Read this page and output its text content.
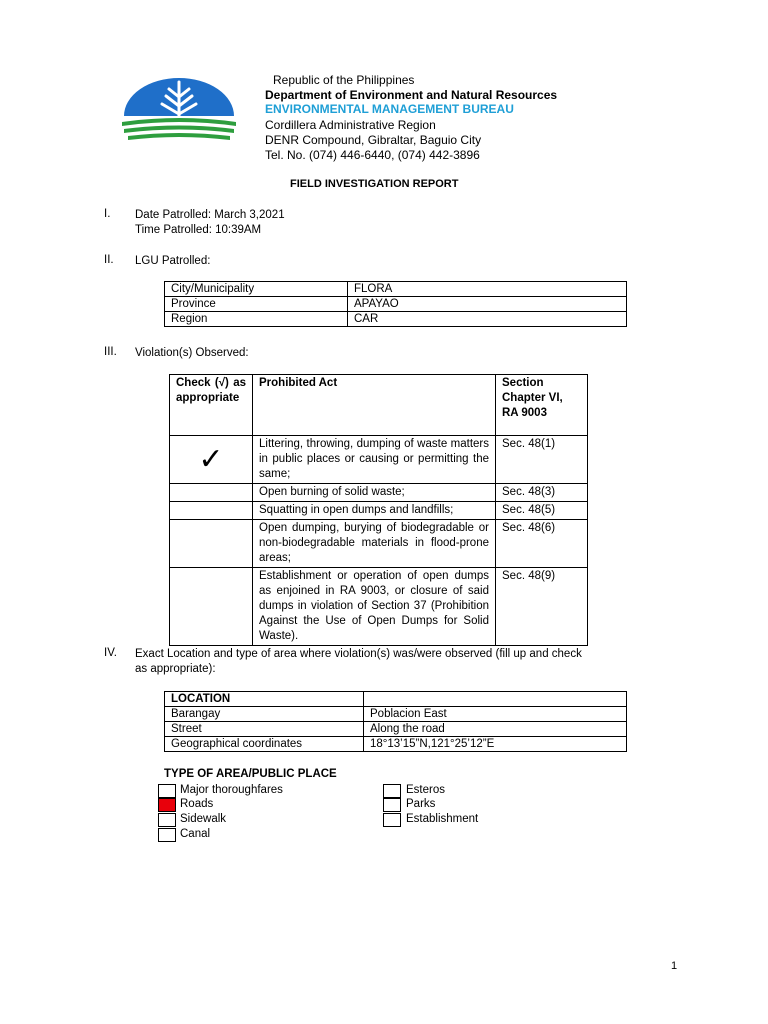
Republic of the Philippines
Department of Environment and Natural Resources
ENVIRONMENTAL MANAGEMENT BUREAU
Cordillera Administrative Region
DENR Compound, Gibraltar, Baguio City
Tel. No. (074) 446-6440, (074) 442-3896
FIELD INVESTIGATION REPORT
I.	Date Patrolled: March 3,2021
Time Patrolled: 10:39AM
II.	LGU Patrolled:
City/Municipality	FLORA
Province	APAYAO
Region	CAR
III.	Violation(s) Observed:
Check (√) as appropriate	Prohibited Act	Section Chapter VI, RA 9003
✓	Littering, throwing, dumping of waste matters in public places or causing or permitting the same;	Sec. 48(1)
	Open burning of solid waste;	Sec. 48(3)
	Squatting in open dumps and landfills;	Sec. 48(5)
	Open dumping, burying of biodegradable or non-biodegradable materials in flood-prone areas;	Sec. 48(6)
	Establishment or operation of open dumps as enjoined in RA 9003, or closure of said dumps in violation of Section 37 (Prohibition Against the Use of Open Dumps for Solid Waste).	Sec. 48(9)
IV.	Exact Location and type of area where violation(s) was/were observed (fill up and check
as appropriate):
LOCATION	
Barangay	Poblacion East
Street	Along the road
Geographical coordinates	18°13’15”N,121°25’12”E
TYPE OF AREA/PUBLIC PLACE
Major thoroughfares
Roads
Sidewalk
Canal
Esteros
Parks
Establishment
1
